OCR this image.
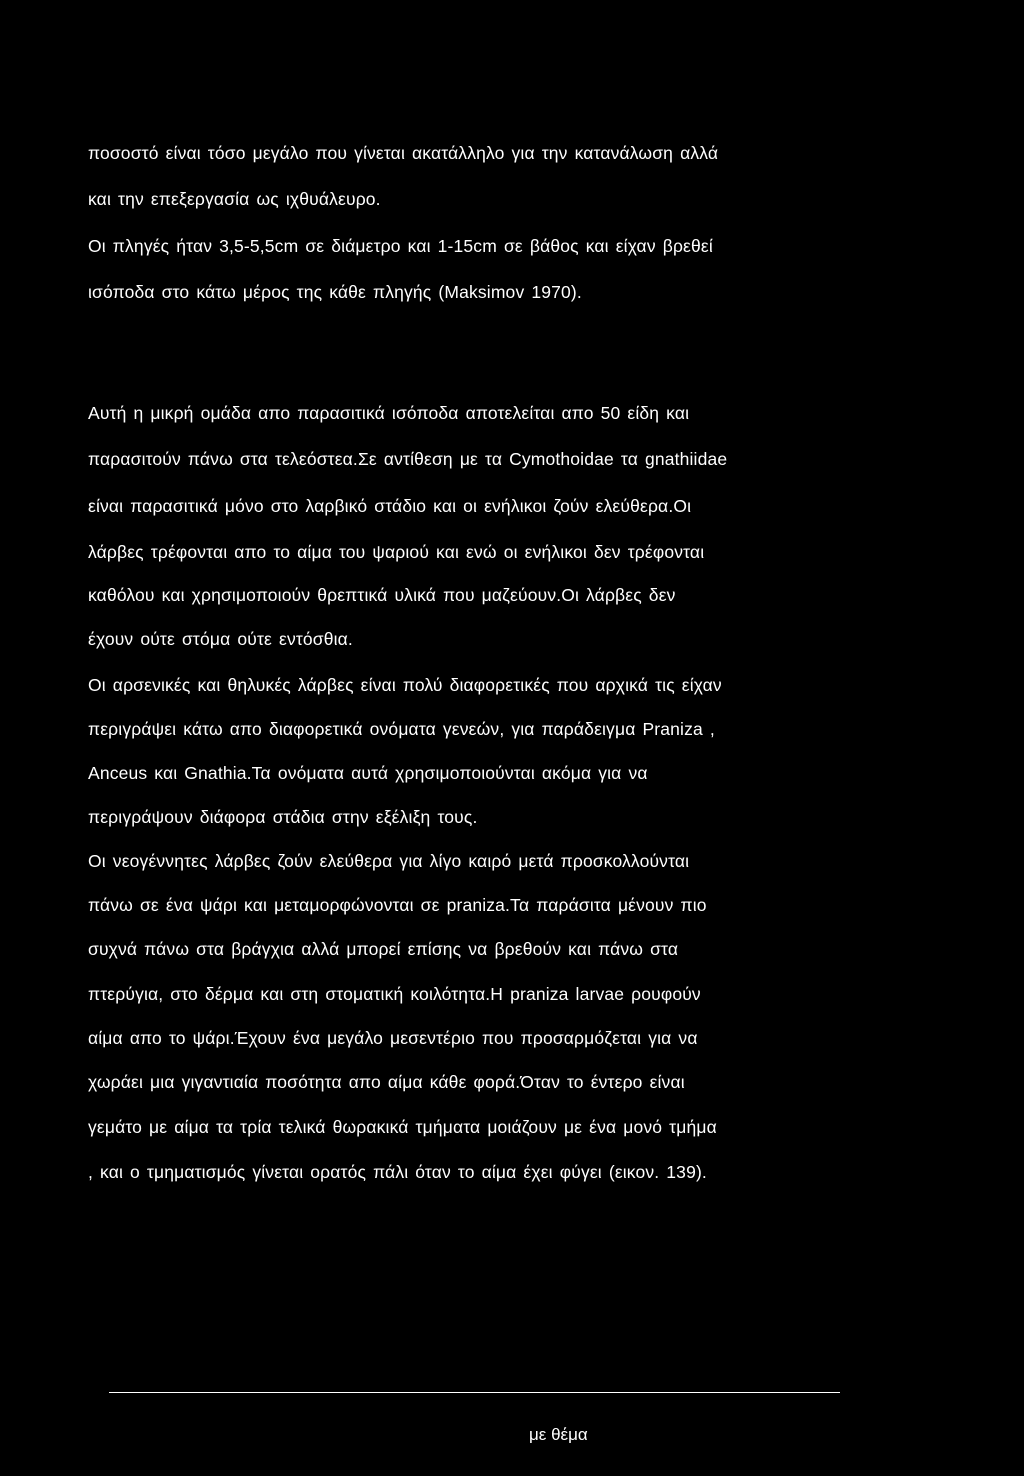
ποσοστό είναι τόσο μεγάλο που γίνεται ακατάλληλο για την κατανάλωση αλλά

και την επεξεργασία ως ιχθυάλευρο.

Οι πληγές ήταν 3,5-5,5cm σε διάμετρο και 1-15cm σε βάθος και είχαν βρεθεί

ισόποδα στο κάτω μέρος της κάθε πληγής (Maksimov 1970).

Αυτή η μικρή ομάδα απο παρασιτικά ισόποδα αποτελείται απο 50 είδη και

παρασιτούν πάνω στα τελεόστεα.Σε αντίθεση με τα Cymothoidae τα gnathiidae

είναι παρασιτικά μόνο στο λαρβικό στάδιο και οι ενήλικοι ζούν ελεύθερα.Οι

λάρβες τρέφονται απο το αίμα του ψαριού και ενώ οι ενήλικοι δεν τρέφονται

καθόλου και χρησιμοποιούν θρεπτικά υλικά που μαζεύουν.Οι λάρβες δεν

έχουν ούτε στόμα ούτε εντόσθια.

Οι αρσενικές και θηλυκές λάρβες είναι πολύ διαφορετικές που αρχικά τις είχαν

περιγράψει κάτω απο διαφορετικά ονόματα γενεών, για παράδειγμα Praniza ,

Anceus και Gnathia.Τα ονόματα αυτά χρησιμοποιούνται ακόμα για να

περιγράψουν διάφορα στάδια στην εξέλιξη τους.

Οι νεογέννητες λάρβες ζούν ελεύθερα για λίγο καιρό μετά προσκολλούνται

πάνω σε ένα ψάρι και μεταμορφώνονται σε praniza.Τα παράσιτα μένουν πιο

συχνά πάνω στα βράγχια αλλά μπορεί επίσης να βρεθούν και πάνω στα

πτερύγια, στο δέρμα και στη στοματική κοιλότητα.Η praniza larvae ρουφούν

αίμα απο το ψάρι.Έχουν ένα μεγάλο μεσεντέριο που προσαρμόζεται για να

χωράει μια γιγαντιαία ποσότητα απο αίμα κάθε φορά.Όταν το έντερο είναι

γεμάτο με αίμα τα τρία τελικά θωρακικά τμήματα μοιάζουν με ένα μονό τμήμα

, και ο τμηματισμός γίνεται ορατός πάλι όταν το αίμα έχει φύγει (εικον. 139).

με θέμα
